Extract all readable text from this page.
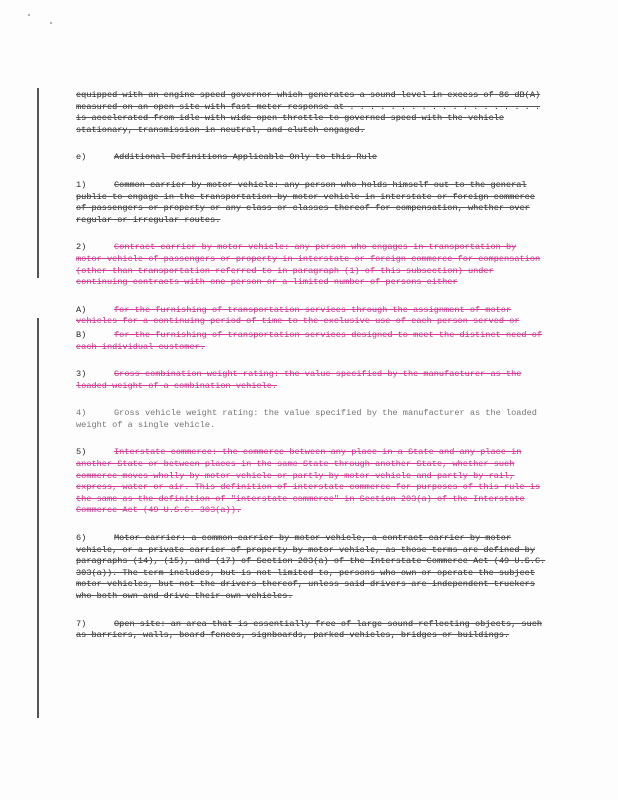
equipped with an engine speed governor which generates a sound level in excess of 86 dB(A) measured on an open site with fast meter response at . . . . . . . . . . . . . . . . . . . is accelerated from idle with wide open throttle to governed speed with the vehicle stationary, transmission in neutral, and clutch engaged.

e)	Additional Definitions Applicable Only to this Rule

1)	Common carrier by motor vehicle: any person who holds himself out to the general public to engage in the transportation by motor vehicle in interstate or foreign commerce of passengers or property or any class or classes thereof for compensation, whether over regular or irregular routes.

2)	Contract carrier by motor vehicle: any person who engages in transportation by motor vehicle of passengers or property in interstate or foreign commerce for compensation (other than transportation referred to in paragraph (1) of this subsection) under continuing contracts with one person or a limited number of persons either

A)	for the furnishing of transportation services through the assignment of motor vehicles for a continuing period of time to the exclusive use of each person served or

B)	for the furnishing of transportation services designed to meet the distinct need of each individual customer.

3)	Gross combination weight rating: the value specified by the manufacturer as the loaded weight of a combination vehicle.

4)	Gross vehicle weight rating: the value specified by the manufacturer as the loaded weight of a single vehicle.

5)	Interstate commerce: the commerce between any place in a State and any place in another State or between places in the same State through another State, whether such commerce moves wholly by motor vehicle or partly by motor vehicle and partly by rail, express, water or air. This definition of interstate commerce for purposes of this rule is the same as the definition of "interstate commerce" in Section 203(a) of the Interstate Commerce Act (49 U.S.C. 303(a)).

6)	Motor carrier: a common carrier by motor vehicle, a contract carrier by motor vehicle, or a private carrier of property by motor vehicle, as those terms are defined by paragraphs (14), (15), and (17) of Section 203(a) of the Interstate Commerce Act (49 U.S.C. 303(a)). The term includes, but is not limited to, persons who own or operate the subject motor vehicles, but not the drivers thereof, unless said drivers are independent truckers who both own and drive their own vehicles.

7)	Open site: an area that is essentially free of large sound-reflecting objects, such as barriers, walls, board fences, signboards, parked vehicles, bridges or buildings.
